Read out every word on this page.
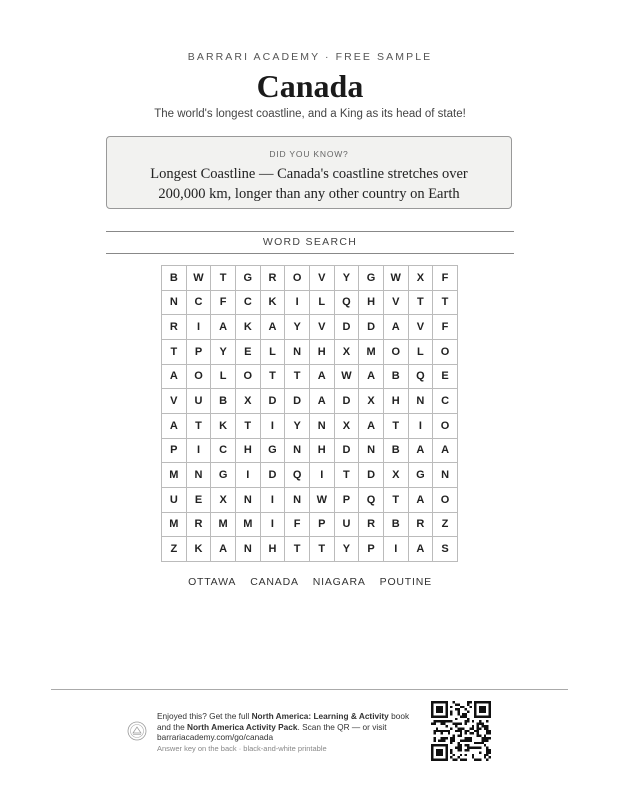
BARRARI ACADEMY · FREE SAMPLE
Canada
The world's longest coastline, and a King as its head of state!
DID YOU KNOW?
Longest Coastline — Canada's coastline stretches over 200,000 km, longer than any other country on Earth
WORD SEARCH
B	W	T	G	R	O	V	Y	G	W	X	F
N	C	F	C	K	I	L	Q	H	V	T	T
R	I	A	K	A	Y	V	D	D	A	V	F
T	P	Y	E	L	N	H	X	M	O	L	O
A	O	L	O	T	T	A	W	A	B	Q	E
V	U	B	X	D	D	A	D	X	H	N	C
A	T	K	T	I	Y	N	X	A	T	I	O
P	I	C	H	G	N	H	D	N	B	A	A
M	N	G	I	D	Q	I	T	D	X	G	N
U	E	X	N	I	N	W	P	Q	T	A	O
M	R	M	M	I	F	P	U	R	B	R	Z
Z	K	A	N	H	T	T	Y	P	I	A	S
OTTAWA CANADA NIAGARA POUTINE
Enjoyed this? Get the full North America: Learning & Activity book
and the North America Activity Pack. Scan the QR — or visit
barrariacademy.com/go/canada
Answer key on the back · black-and-white printable
